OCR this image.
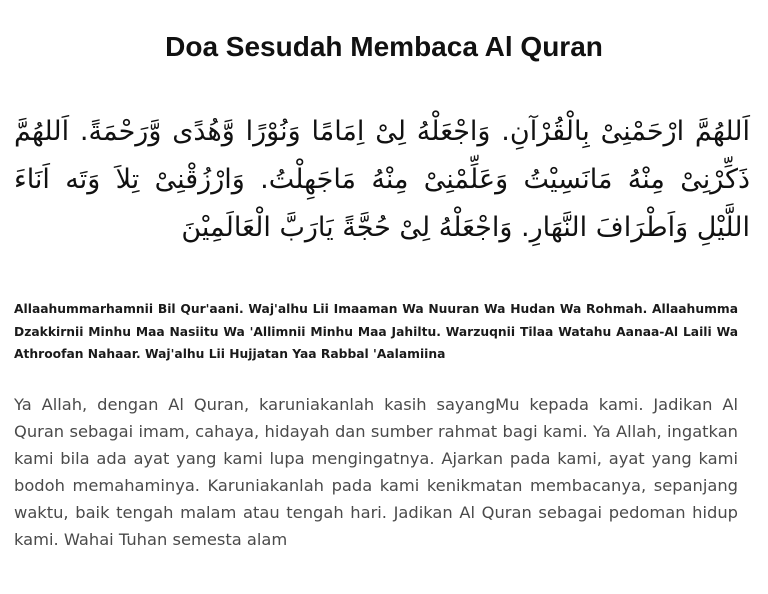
Doa Sesudah Membaca Al Quran

اَللهُمَّ ارْحَمْنِىْ بِالْقُرْآنِ. وَاجْعَلْهُ لِىْ اِمَامًا وَنُوْرًا وَّهُدًى وَّرَحْمَةً. اَللهُمَّ ذَكِّرْنِىْ مِنْهُ مَانَسِيْتُ وَعَلِّمْنِىْ مِنْهُ مَاجَهِلْتُ. وَارْزُقْنِىْ تِلاَ وَتَه اَنَاءَ اللَّيْلِ وَاَطْرَافَ النَّهَارِ. وَاجْعَلْهُ لِىْ حُجَّةً يَارَبَّ الْعَالَمِيْنَ

Allaahummarhamnii Bil Qur'aani. Waj'alhu Lii Imaaman Wa Nuuran Wa Hudan Wa Rohmah. Allaahumma Dzakkirnii Minhu Maa Nasiitu Wa 'Allimnii Minhu Maa Jahiltu. Warzuqnii Tilaa Watahu Aanaa-Al Laili Wa Athroofan Nahaar. Waj'alhu Lii Hujjatan Yaa Rabbal 'Aalamiina

Ya Allah, dengan Al Quran, karuniakanlah kasih sayangMu kepada kami. Jadikan Al Quran sebagai imam, cahaya, hidayah dan sumber rahmat bagi kami. Ya Allah, ingatkan kami bila ada ayat yang kami lupa mengingatnya. Ajarkan pada kami, ayat yang kami bodoh memahaminya. Karuniakanlah pada kami kenikmatan membacanya, sepanjang waktu, baik tengah malam atau tengah hari. Jadikan Al Quran sebagai pedoman hidup kami. Wahai Tuhan semesta alam
